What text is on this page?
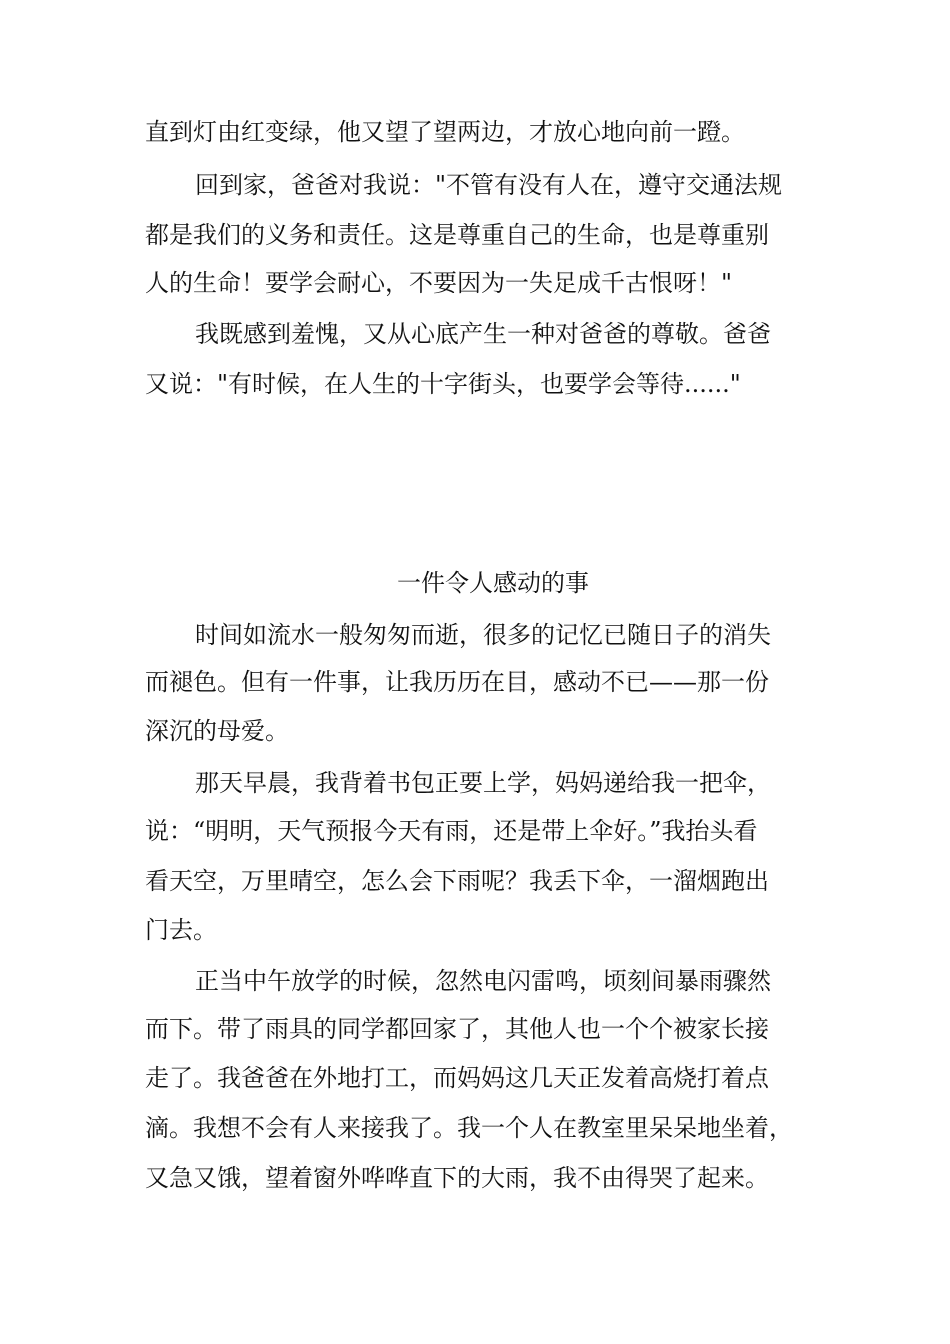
直到灯由红变绿，他又望了望两边，才放心地向前一蹬。
回到家，爸爸对我说："不管有没有人在，遵守交通法规
都是我们的义务和责任。这是尊重自己的生命，也是尊重别
人的生命！要学会耐心，不要因为一失足成千古恨呀！"
我既感到羞愧，又从心底产生一种对爸爸的尊敬。爸爸
又说："有时候，在人生的十字街头，也要学会等待......"
一件令人感动的事
时间如流水一般匆匆而逝，很多的记忆已随日子的消失
而褪色。但有一件事，让我历历在目，感动不已——那一份
深沉的母爱。
那天早晨，我背着书包正要上学，妈妈递给我一把伞，
说：“明明，天气预报今天有雨，还是带上伞好。”我抬头看
看天空，万里晴空，怎么会下雨呢？我丢下伞，一溜烟跑出
门去。
正当中午放学的时候，忽然电闪雷鸣，顷刻间暴雨骤然
而下。带了雨具的同学都回家了，其他人也一个个被家长接
走了。我爸爸在外地打工，而妈妈这几天正发着高烧打着点
滴。我想不会有人来接我了。我一个人在教室里呆呆地坐着，
又急又饿，望着窗外哗哗直下的大雨，我不由得哭了起来。
